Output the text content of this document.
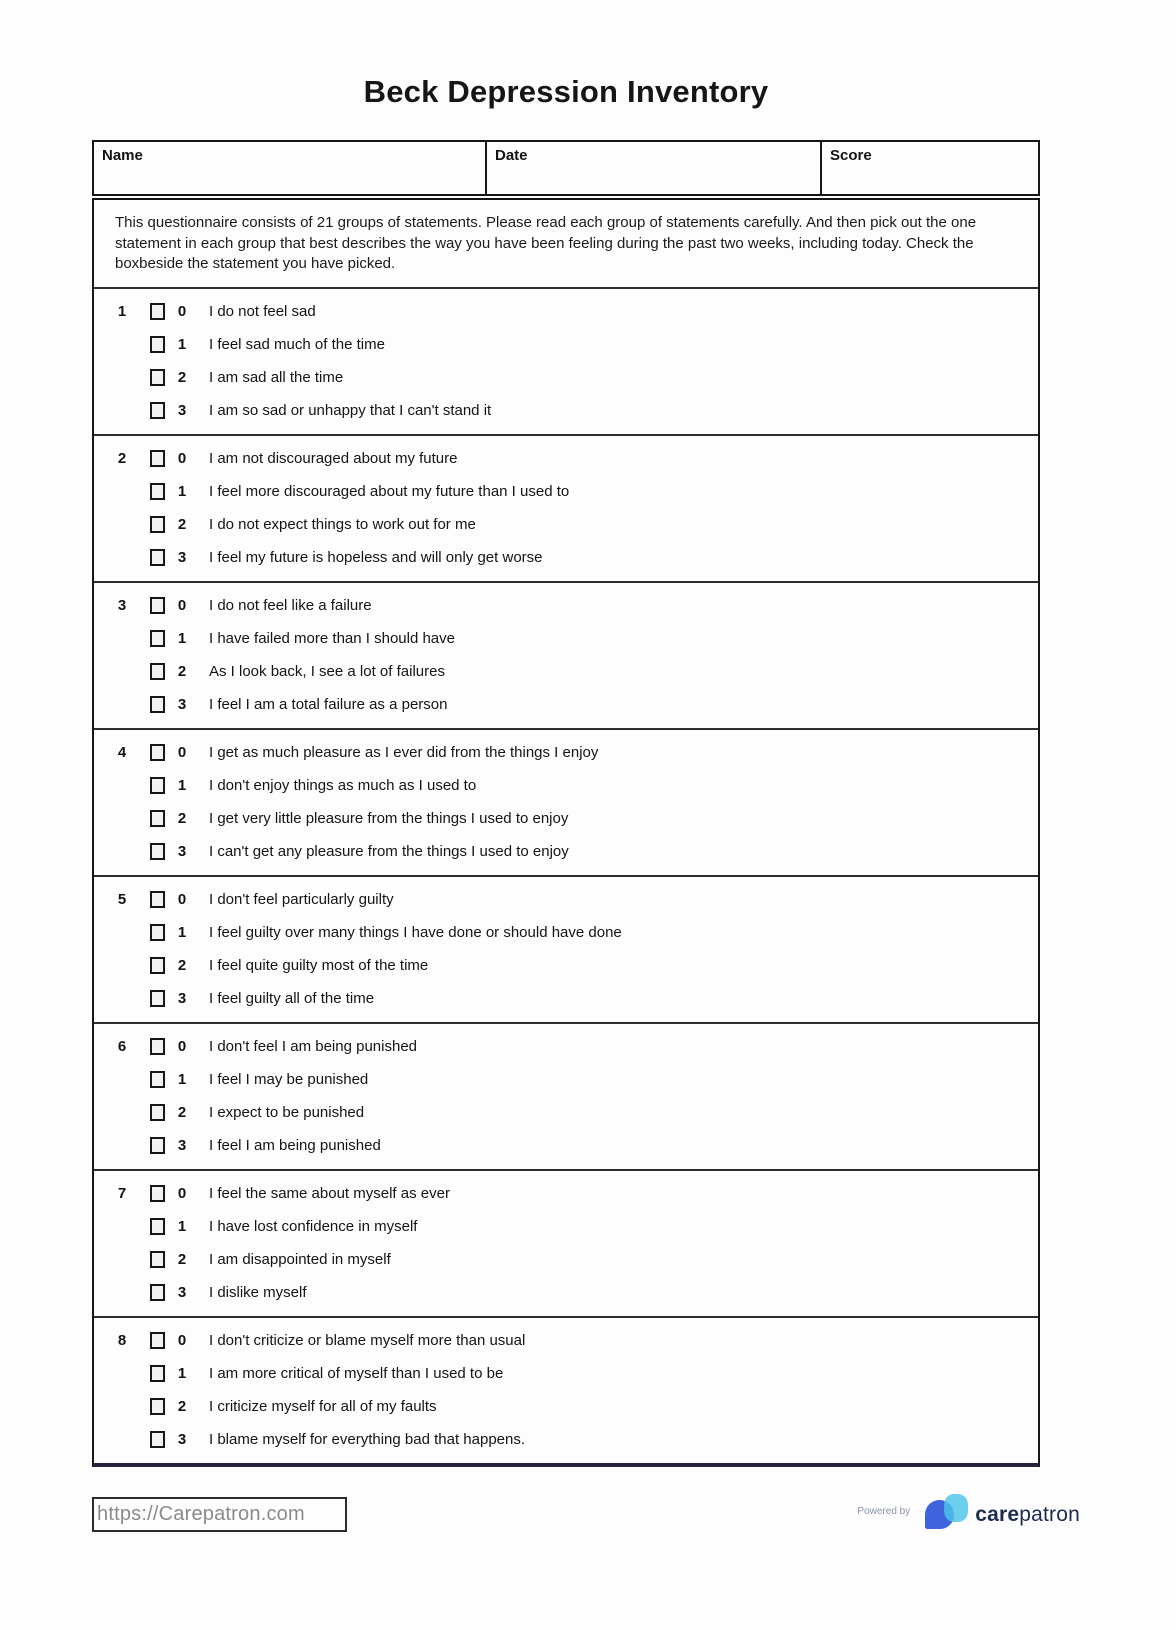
Beck Depression Inventory
Name	Date	Score

This questionnaire consists of 21 groups of statements. Please read each group of statements carefully. And then pick out the one statement in each group that best describes the way you have been feeling during the past two weeks, including today. Check the boxbeside the statement you have picked.

1	0 I do not feel sad
1 I feel sad much of the time
2 I am sad all the time
3 I am so sad or unhappy that I can't stand it
2	0 I am not discouraged about my future
1 I feel more discouraged about my future than I used to
2 I do not expect things to work out for me
3 I feel my future is hopeless and will only get worse
3	0 I do not feel like a failure
1 I have failed more than I should have
2 As I look back, I see a lot of failures
3 I feel I am a total failure as a person
4	0 I get as much pleasure as I ever did from the things I enjoy
1 I don't enjoy things as much as I used to
2 I get very little pleasure from the things I used to enjoy
3 I can't get any pleasure from the things I used to enjoy
5	0 I don't feel particularly guilty
1 I feel guilty over many things I have done or should have done
2 I feel quite guilty most of the time
3 I feel guilty all of the time
6	0 I don't feel I am being punished
1 I feel I may be punished
2 I expect to be punished
3 I feel I am being punished
7	0 I feel the same about myself as ever
1 I have lost confidence in myself
2 I am disappointed in myself
3 I dislike myself
8	0 I don't criticize or blame myself more than usual
1 I am more critical of myself than I used to be
2 I criticize myself for all of my faults
3 I blame myself for everything bad that happens.
https://Carepatron.com	Powered by	carepatron
